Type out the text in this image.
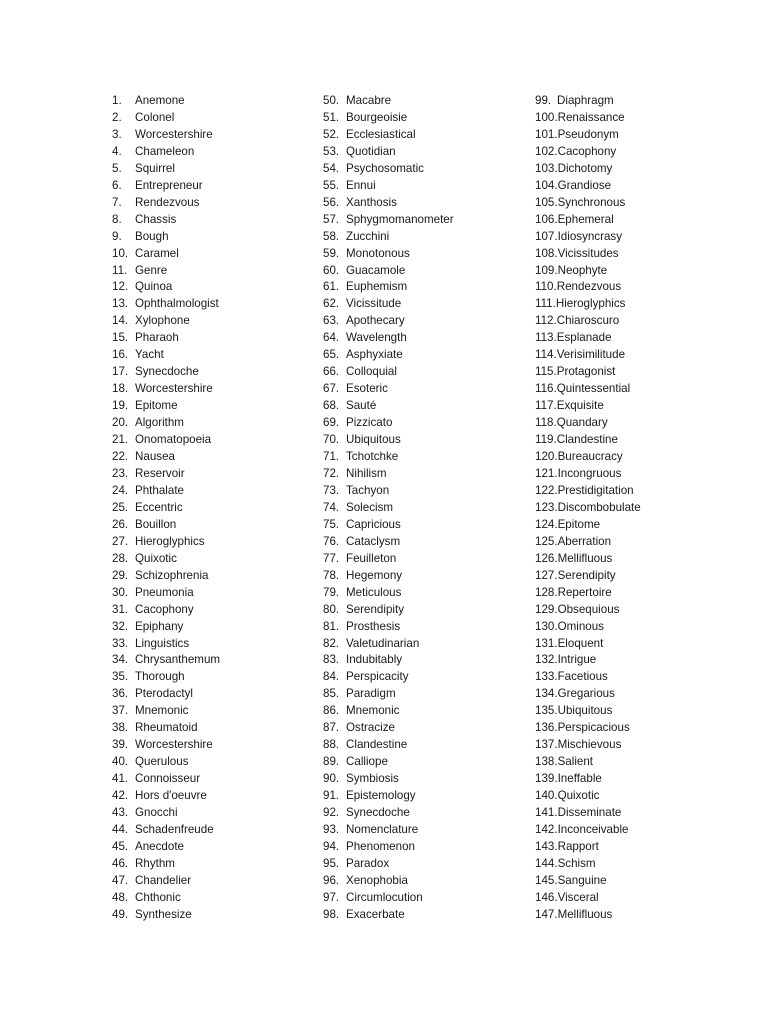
1.	Anemone
2.	Colonel
3.	Worcestershire
4.	Chameleon
5.	Squirrel
6.	Entrepreneur
7.	Rendezvous
8.	Chassis
9.	Bough
10. Caramel
11. Genre
12. Quinoa
13. Ophthalmologist
14. Xylophone
15. Pharaoh
16. Yacht
17. Synecdoche
18. Worcestershire
19. Epitome
20. Algorithm
21. Onomatopoeia
22. Nausea
23. Reservoir
24. Phthalate
25. Eccentric
26. Bouillon
27. Hieroglyphics
28. Quixotic
29. Schizophrenia
30. Pneumonia
31. Cacophony
32. Epiphany
33. Linguistics
34. Chrysanthemum
35. Thorough
36. Pterodactyl
37. Mnemonic
38. Rheumatoid
39. Worcestershire
40. Querulous
41. Connoisseur
42. Hors d'oeuvre
43. Gnocchi
44. Schadenfreude
45. Anecdote
46. Rhythm
47. Chandelier
48. Chthonic
49. Synthesize
50. Macabre
51. Bourgeoisie
52. Ecclesiastical
53. Quotidian
54. Psychosomatic
55. Ennui
56. Xanthosis
57. Sphygmomanometer
58. Zucchini
59. Monotonous
60. Guacamole
61. Euphemism
62. Vicissitude
63. Apothecary
64. Wavelength
65. Asphyxiate
66. Colloquial
67. Esoteric
68. Sauté
69. Pizzicato
70. Ubiquitous
71. Tchotchke
72. Nihilism
73. Tachyon
74. Solecism
75. Capricious
76. Cataclysm
77. Feuilleton
78. Hegemony
79. Meticulous
80. Serendipity
81. Prosthesis
82. Valetudinarian
83. Indubitably
84. Perspicacity
85. Paradigm
86. Mnemonic
87. Ostracize
88. Clandestine
89. Calliope
90. Symbiosis
91. Epistemology
92. Synecdoche
93. Nomenclature
94. Phenomenon
95. Paradox
96. Xenophobia
97. Circumlocution
98. Exacerbate
99. Diaphragm
100. Renaissance
101. Pseudonym
102. Cacophony
103. Dichotomy
104. Grandiose
105. Synchronous
106. Ephemeral
107. Idiosyncrasy
108. Vicissitudes
109. Neophyte
110. Rendezvous
111. Hieroglyphics
112. Chiaroscuro
113. Esplanade
114. Verisimilitude
115. Protagonist
116. Quintessential
117. Exquisite
118. Quandary
119. Clandestine
120. Bureaucracy
121. Incongruous
122. Prestidigitation
123. Discombobulate
124. Epitome
125. Aberration
126. Mellifluous
127. Serendipity
128. Repertoire
129. Obsequious
130. Ominous
131. Eloquent
132. Intrigue
133. Facetious
134. Gregarious
135. Ubiquitous
136. Perspicacious
137. Mischievous
138. Salient
139. Ineffable
140. Quixotic
141. Disseminate
142. Inconceivable
143. Rapport
144. Schism
145. Sanguine
146. Visceral
147. Mellifluous
